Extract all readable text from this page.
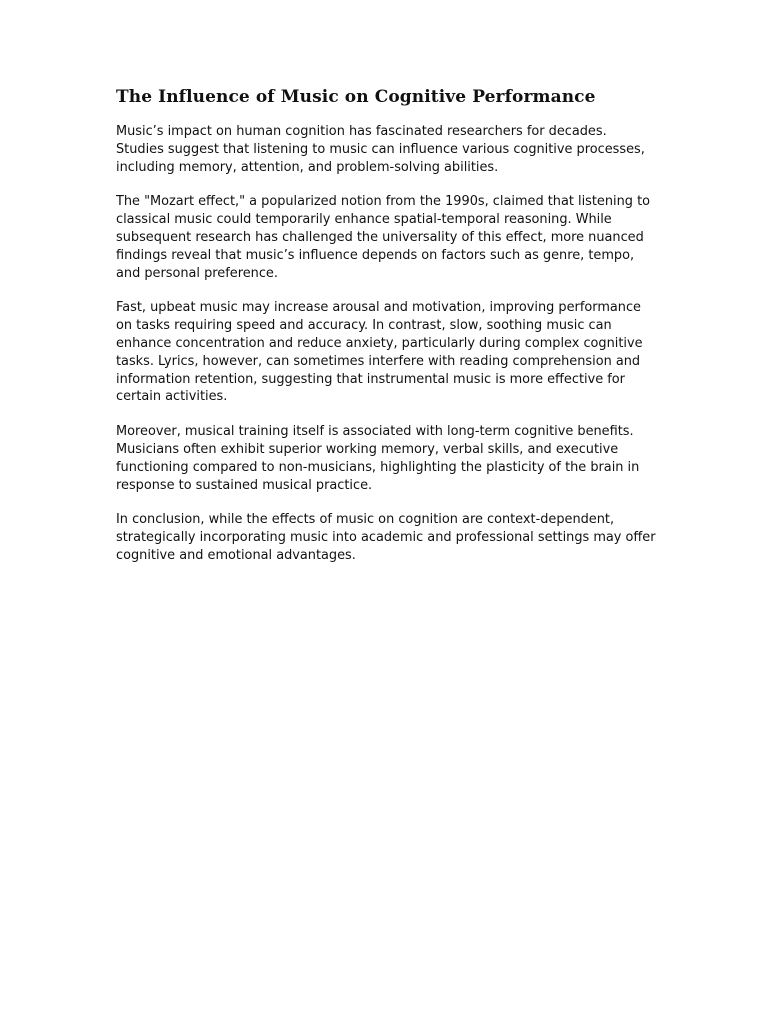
The Influence of Music on Cognitive Performance

Music’s impact on human cognition has fascinated researchers for decades. Studies suggest that listening to music can influence various cognitive processes, including memory, attention, and problem-solving abilities.

The "Mozart effect," a popularized notion from the 1990s, claimed that listening to classical music could temporarily enhance spatial-temporal reasoning. While subsequent research has challenged the universality of this effect, more nuanced findings reveal that music’s influence depends on factors such as genre, tempo, and personal preference.

Fast, upbeat music may increase arousal and motivation, improving performance on tasks requiring speed and accuracy. In contrast, slow, soothing music can enhance concentration and reduce anxiety, particularly during complex cognitive tasks. Lyrics, however, can sometimes interfere with reading comprehension and information retention, suggesting that instrumental music is more effective for certain activities.

Moreover, musical training itself is associated with long-term cognitive benefits. Musicians often exhibit superior working memory, verbal skills, and executive functioning compared to non-musicians, highlighting the plasticity of the brain in response to sustained musical practice.

In conclusion, while the effects of music on cognition are context-dependent, strategically incorporating music into academic and professional settings may offer cognitive and emotional advantages.
